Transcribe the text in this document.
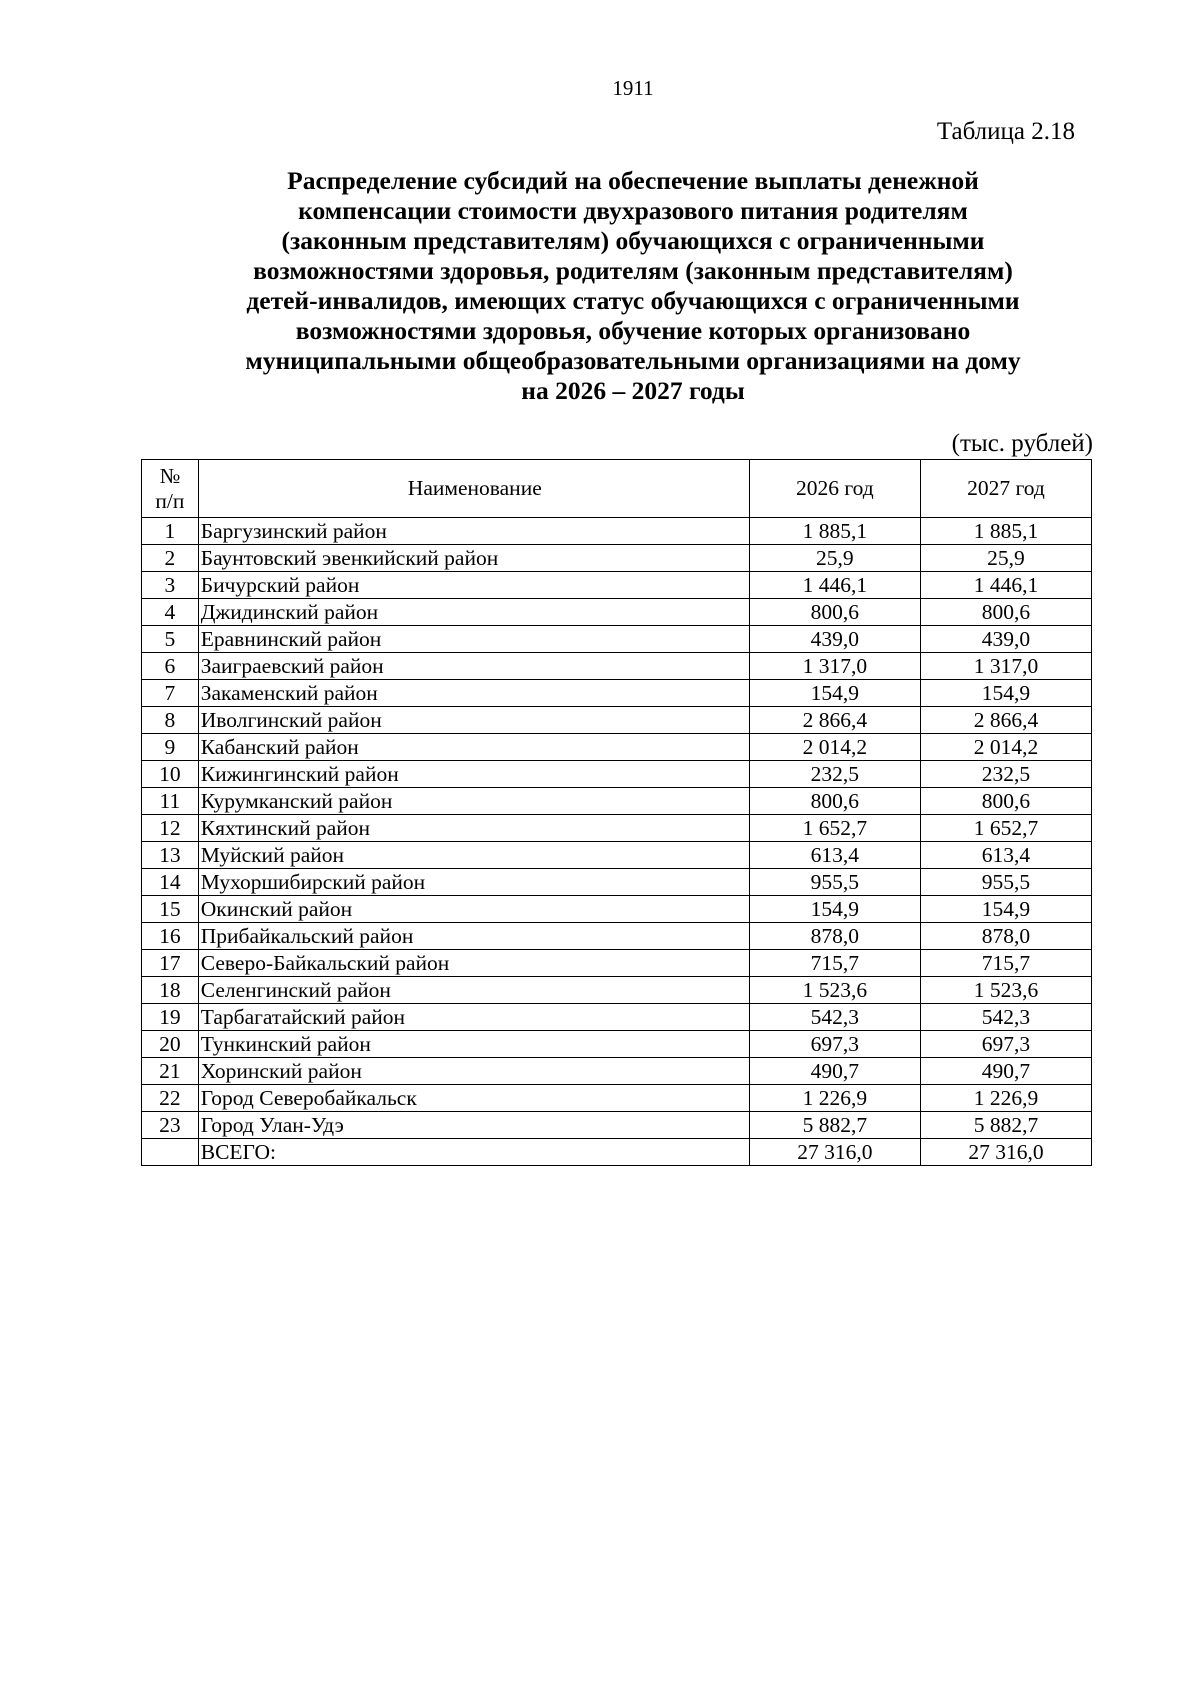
1911
Таблица 2.18
Распределение субсидий на обеспечение выплаты денежной
компенсации стоимости двухразового питания родителям
(законным представителям) обучающихся с ограниченными
возможностями здоровья, родителям (законным представителям)
детей-инвалидов, имеющих статус обучающихся с ограниченными
возможностями здоровья, обучение которых организовано
муниципальными общеобразовательными организациями на дому
на 2026 – 2027 годы
(тыс. рублей)
№
п/п	Наименование	2026 год	2027 год
1	Баргузинский район	1 885,1	1 885,1
2	Баунтовский эвенкийский район	25,9	25,9
3	Бичурский район	1 446,1	1 446,1
4	Джидинский район	800,6	800,6
5	Еравнинский район	439,0	439,0
6	Заиграевский район	1 317,0	1 317,0
7	Закаменский район	154,9	154,9
8	Иволгинский район	2 866,4	2 866,4
9	Кабанский район	2 014,2	2 014,2
10	Кижингинский район	232,5	232,5
11	Курумканский район	800,6	800,6
12	Кяхтинский район	1 652,7	1 652,7
13	Муйский район	613,4	613,4
14	Мухоршибирский район	955,5	955,5
15	Окинский район	154,9	154,9
16	Прибайкальский район	878,0	878,0
17	Северо-Байкальский район	715,7	715,7
18	Селенгинский район	1 523,6	1 523,6
19	Тарбагатайский район	542,3	542,3
20	Тункинский район	697,3	697,3
21	Хоринский район	490,7	490,7
22	Город Северобайкальск	1 226,9	1 226,9
23	Город Улан-Удэ	5 882,7	5 882,7
	ВСЕГО:	27 316,0	27 316,0
